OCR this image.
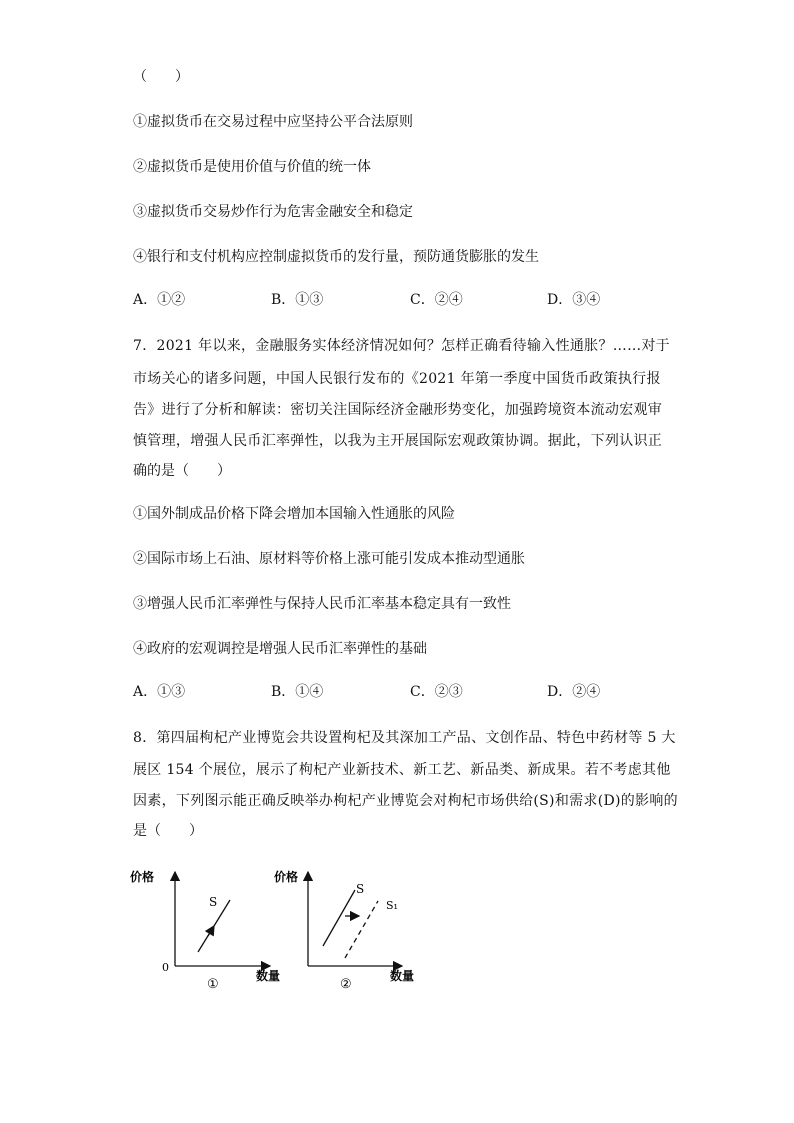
（　　）
①虚拟货币在交易过程中应坚持公平合法原则
②虚拟货币是使用价值与价值的统一体
③虚拟货币交易炒作行为危害金融安全和稳定
④银行和支付机构应控制虚拟货币的发行量，预防通货膨胀的发生
A．①②	B．①③	C．②④	D．③④
7．2021 年以来，金融服务实体经济情况如何？怎样正确看待输入性通胀？……对于
市场关心的诸多问题，中国人民银行发布的《2021 年第一季度中国货币政策执行报
告》进行了分析和解读：密切关注国际经济金融形势变化，加强跨境资本流动宏观审
慎管理，增强人民币汇率弹性，以我为主开展国际宏观政策协调。据此，下列认识正
确的是（　　）
①国外制成品价格下降会增加本国输入性通胀的风险
②国际市场上石油、原材料等价格上涨可能引发成本推动型通胀
③增强人民币汇率弹性与保持人民币汇率基本稳定具有一致性
④政府的宏观调控是增强人民币汇率弹性的基础
A．①③	B．①④	C．②③	D．②④
8．第四届枸杞产业博览会共设置枸杞及其深加工产品、文创作品、特色中药材等 5 大
展区 154 个展位，展示了枸杞产业新技术、新工艺、新品类、新成果。若不考虑其他
因素，下列图示能正确反映举办枸杞产业博览会对枸杞市场供给(S)和需求(D)的影响的
是（　　）
价格
数量
0
S
①
价格
数量
S
S₁
②
